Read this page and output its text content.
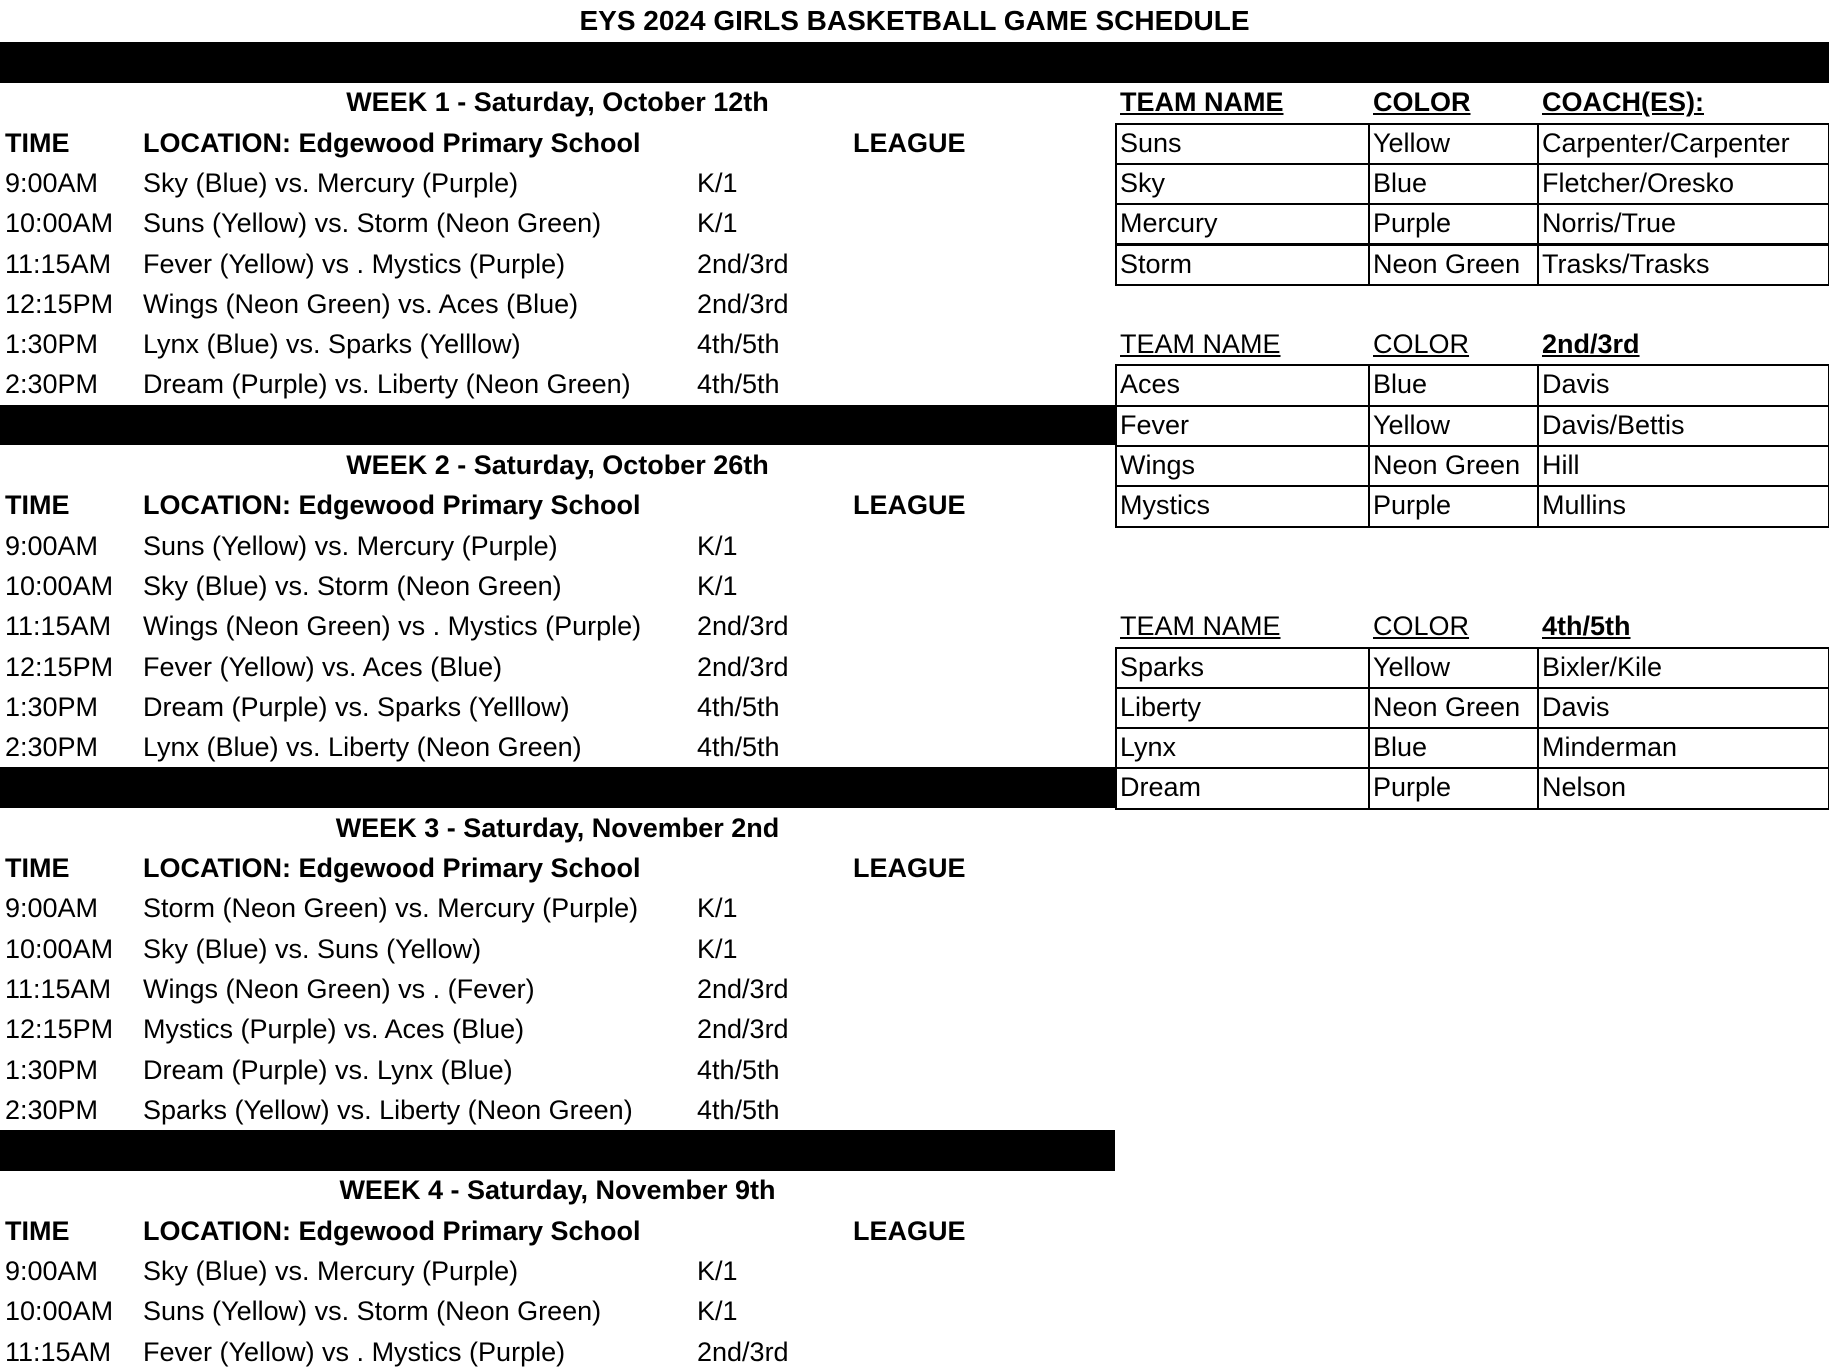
EYS 2024 GIRLS BASKETBALL GAME SCHEDULE
WEEK 1 - Saturday, October 12th
TIME	LOCATION: Edgewood Primary School	LEAGUE
9:00AM Sky (Blue) vs. Mercury (Purple)	K/1
10:00AM Suns (Yellow) vs. Storm (Neon Green)	K/1
11:15AM Fever (Yellow) vs . Mystics (Purple)	2nd/3rd
12:15PM Wings (Neon Green) vs. Aces (Blue)	2nd/3rd
1:30PM Lynx (Blue) vs. Sparks (Yelllow)	4th/5th
2:30PM Dream (Purple) vs. Liberty (Neon Green) 4th/5th
WEEK 2 - Saturday, October 26th
TIME	LOCATION: Edgewood Primary School	LEAGUE
9:00AM Suns (Yellow) vs. Mercury (Purple)	K/1
10:00AM Sky (Blue) vs. Storm (Neon Green)	K/1
11:15AM Wings (Neon Green) vs . Mystics (Purple) 2nd/3rd
12:15PM Fever (Yellow) vs. Aces (Blue)	2nd/3rd
1:30PM Dream (Purple) vs. Sparks (Yelllow)	4th/5th
2:30PM Lynx (Blue) vs. Liberty (Neon Green)	4th/5th
WEEK 3 - Saturday, November 2nd
TIME	LOCATION: Edgewood Primary School	LEAGUE
9:00AM Storm (Neon Green) vs. Mercury (Purple) K/1
10:00AM Sky (Blue) vs. Suns (Yellow)	K/1
11:15AM Wings (Neon Green) vs . (Fever)	2nd/3rd
12:15PM Mystics (Purple) vs. Aces (Blue)	2nd/3rd
1:30PM Dream (Purple) vs. Lynx (Blue)	4th/5th
2:30PM Sparks (Yellow) vs. Liberty (Neon Green) 4th/5th
WEEK 4 - Saturday, November 9th
TIME	LOCATION: Edgewood Primary School	LEAGUE
9:00AM Sky (Blue) vs. Mercury (Purple)	K/1
10:00AM Suns (Yellow) vs. Storm (Neon Green)	K/1
11:15AM Fever (Yellow) vs . Mystics (Purple)	2nd/3rd
TEAM NAME	COLOR	COACH(ES):
Suns	Yellow	Carpenter/Carpenter
Sky	Blue	Fletcher/Oresko
Mercury	Purple	Norris/True
Storm	Neon Green Trasks/Trasks
TEAM NAME	COLOR	2nd/3rd
Aces	Blue	Davis
Fever	Yellow	Davis/Bettis
Wings	Neon Green Hill
Mystics	Purple	Mullins
TEAM NAME	COLOR	4th/5th
Sparks	Yellow	Bixler/Kile
Liberty	Neon Green Davis
Lynx	Blue	Minderman
Dream	Purple	Nelson
